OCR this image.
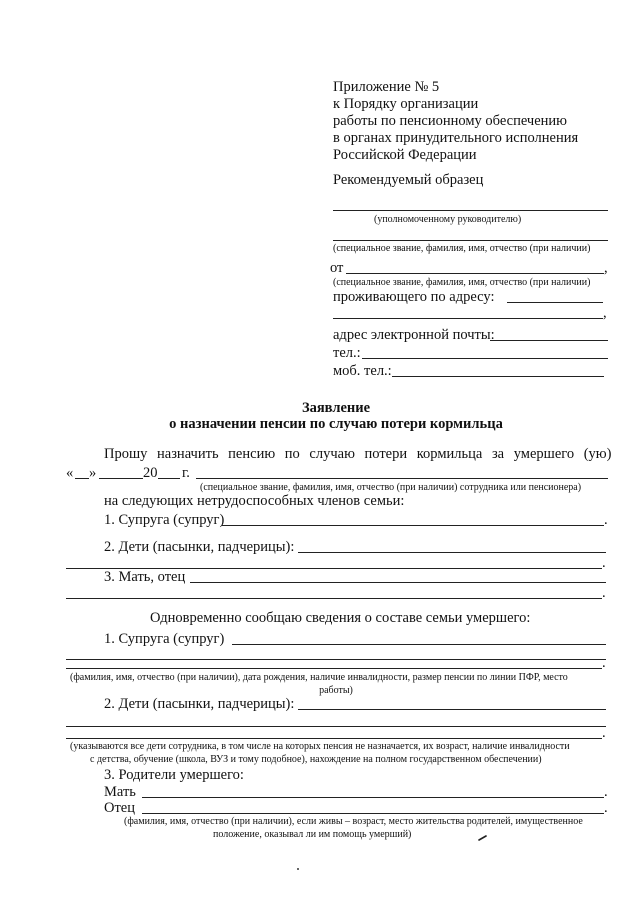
Приложение № 5
к Порядку организации
работы по пенсионному обеспечению
в органах принудительного исполнения
Российской Федерации
Рекомендуемый образец
(уполномоченному руководителю)
(специальное звание, фамилия, имя, отчество (при наличии)
от	,
(специальное звание, фамилия, имя, отчество (при наличии)
проживающего по адресу:
,
адрес электронной почты:
тел.:
моб. тел.:
Заявление
о назначении пенсии по случаю потери кормильца
Прошу назначить пенсию по случаю потери кормильца за умершего (ую)
« »	20 г.
(специальное звание, фамилия, имя, отчество (при наличии) сотрудника или пенсионера)
на следующих нетрудоспособных членов семьи:
1. Супруга (супруг)	.
2. Дети (пасынки, падчерицы):
.
3. Мать, отец
.
Одновременно сообщаю сведения о составе семьи умершего:
1. Супруга (супруг)
.
(фамилия, имя, отчество (при наличии), дата рождения, наличие инвалидности, размер пенсии по линии ПФР, место
работы)
2. Дети (пасынки, падчерицы):
.
(указываются все дети сотрудника, в том числе на которых пенсия не назначается, их возраст, наличие инвалидности
с детства, обучение (школа, ВУЗ и тому подобное), нахождение на полном государственном обеспечении)
3. Родители умершего:
Мать	.
Отец	.
(фамилия, имя, отчество (при наличии), если живы – возраст, место жительства родителей, имущественное
положение, оказывал ли им помощь умерший)
